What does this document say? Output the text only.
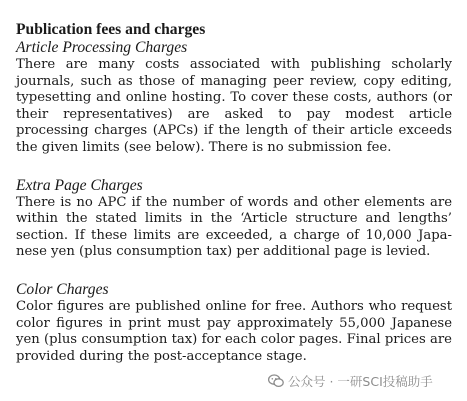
Publication fees and charges

Article Processing Charges

There are many costs associated with publishing scholarly journals, such as those of managing peer review, copy editing, typesetting and online hosting. To cover these costs, authors (or their representatives) are asked to pay modest article processing charges (APCs) if the length of their article exceeds the given limits (see below). There is no submission fee.

Extra Page Charges

There is no APC if the number of words and other elements are within the stated limits in the ‘Article structure and lengths’ section. If these limits are exceeded, a charge of 10,000 Japanese yen (plus consumption tax) per additional page is levied.

Color Charges

Color figures are published online for free. Authors who request color figures in print must pay approximately 55,000 Japanese yen (plus consumption tax) for each color pages. Final prices are provided during the post-acceptance stage.

公众号 · 一研SCI投稿助手
